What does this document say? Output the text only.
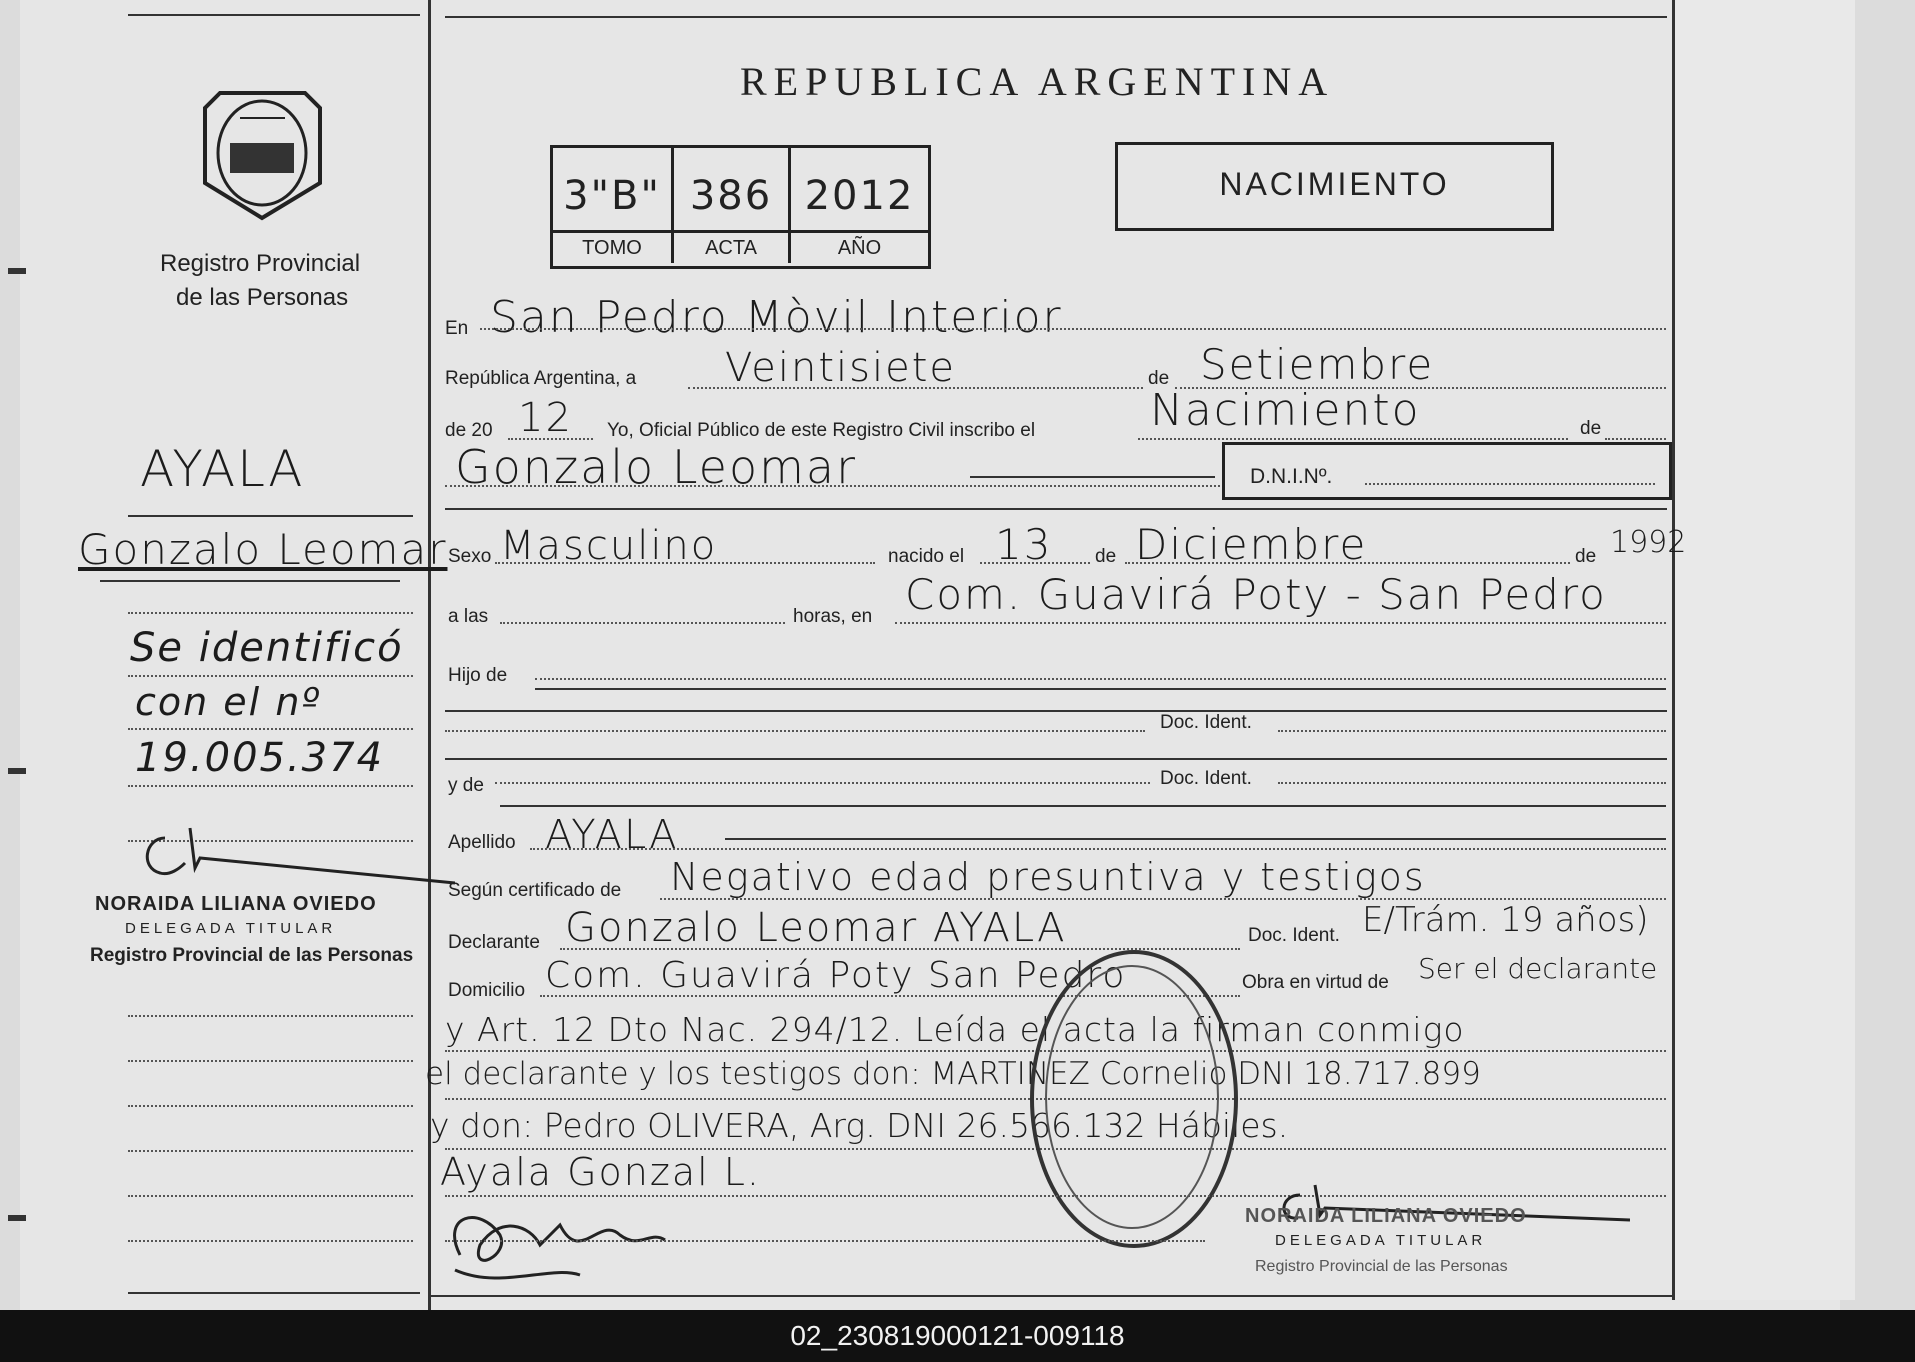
Registro Provincial
de las Personas
AYALA
Gonzalo Leomar
Se identificó
con el nº
19.005.374
NORAIDA LILIANA OVIEDO
DELEGADA TITULAR
Registro Provincial de las Personas
REPUBLICA ARGENTINA
NACIMIENTO
3"B"
TOMO
386
ACTA
2012
AÑO
En San Pedro Mòvil Interior
República Argentina, a Veintisiete	de Setiembre
de 20 12 Yo, Oficial Público de este Registro Civil inscribo el	Nacimiento	de
Gonzalo Leomar	D.N.I.Nº.
Sexo Masculino	nacido el 13 de Diciembre	de 1992
a las	horas, en Com. Guavirá Poty - San Pedro
Hijo de
Doc. Ident.
y de	Doc. Ident.
Apellido AYALA
Según certificado de Negativo edad presuntiva y testigos
Declarante Gonzalo Leomar AYALA	Doc. Ident. E/Trám. 19 años)
Domicilio Com. Guavirá Poty San Pedro	Obra en virtud de Ser el declarante
y Art. 12 Dto Nac. 294/12. Leída el acta la firman conmigo
el declarante y los testigos don: MARTINEZ Cornelio DNI 18.717.899
y don: Pedro OLIVERA, Arg. DNI 26.566.132 Hábiles.
Ayala Gonzal L.
NORAIDA LILIANA OVIEDO
DELEGADA TITULAR
Registro Provincial de las Personas
02_230819000121-009118
